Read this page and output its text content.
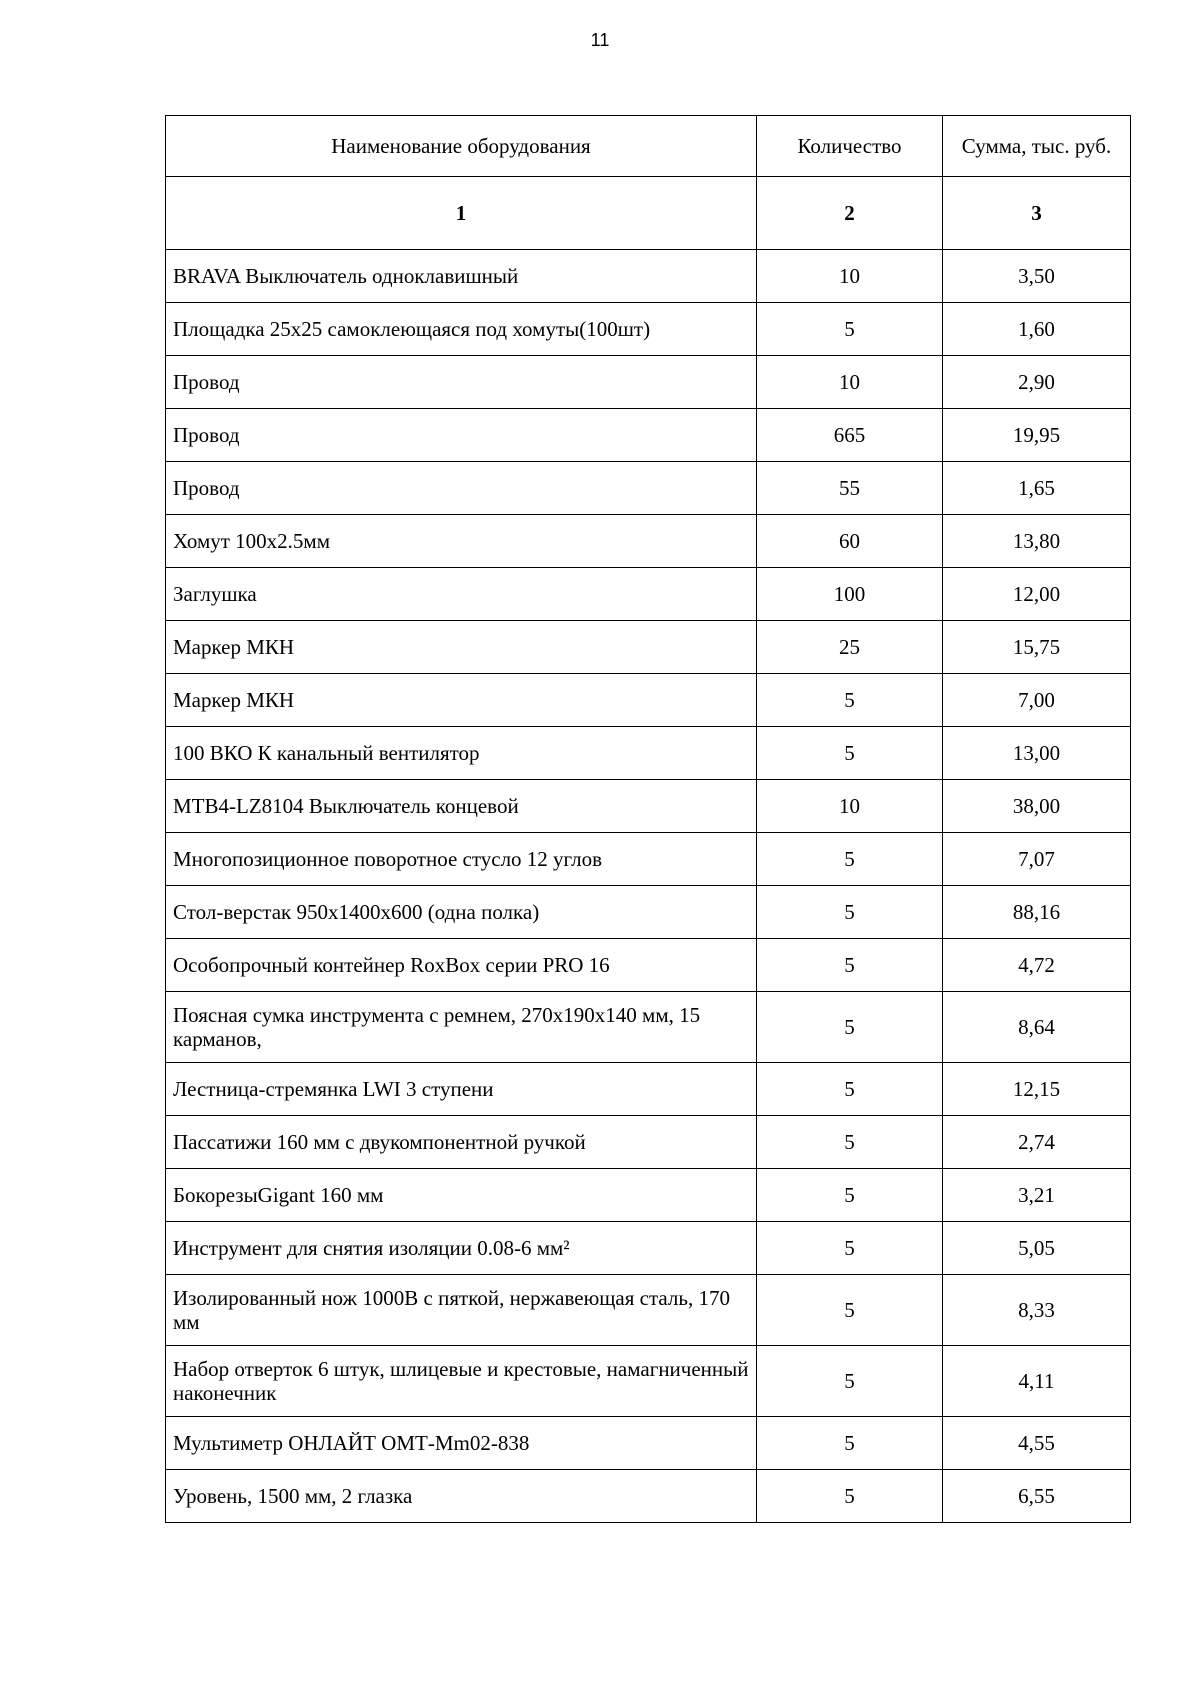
11
Наименование оборудования	Количество	Сумма, тыс. руб.
1	2	3
BRAVA Выключатель одноклавишный	10	3,50
Площадка 25х25 самоклеющаяся под хомуты(100шт)	5	1,60
Провод	10	2,90
Провод	665	19,95
Провод	55	1,65
Хомут 100х2.5мм	60	13,80
Заглушка	100	12,00
Маркер МКН	25	15,75
Маркер МКН	5	7,00
100 ВКО К канальный вентилятор	5	13,00
MTB4-LZ8104 Выключатель концевой	10	38,00
Многопозиционное поворотное стусло 12 углов	5	7,07
Стол-верстак 950х1400х600 (одна полка)	5	88,16
Особопрочный контейнер RoxBox серии PRO 16	5	4,72
Поясная сумка инструмента с ремнем, 270х190х140 мм, 15 карманов,	5	8,64
Лестница-стремянка LWI 3 ступени	5	12,15
Пассатижи 160 мм с двукомпонентной ручкой	5	2,74
БокорезыGigant 160 мм	5	3,21
Инструмент для снятия изоляции 0.08-6 мм²	5	5,05
Изолированный нож 1000В с пяткой, нержавеющая сталь, 170 мм	5	8,33
Набор отверток 6 штук, шлицевые и крестовые, намагниченный наконечник	5	4,11
Мультиметр ОНЛАЙТ ОМТ-Мm02-838	5	4,55
Уровень, 1500 мм, 2 глазка	5	6,55
